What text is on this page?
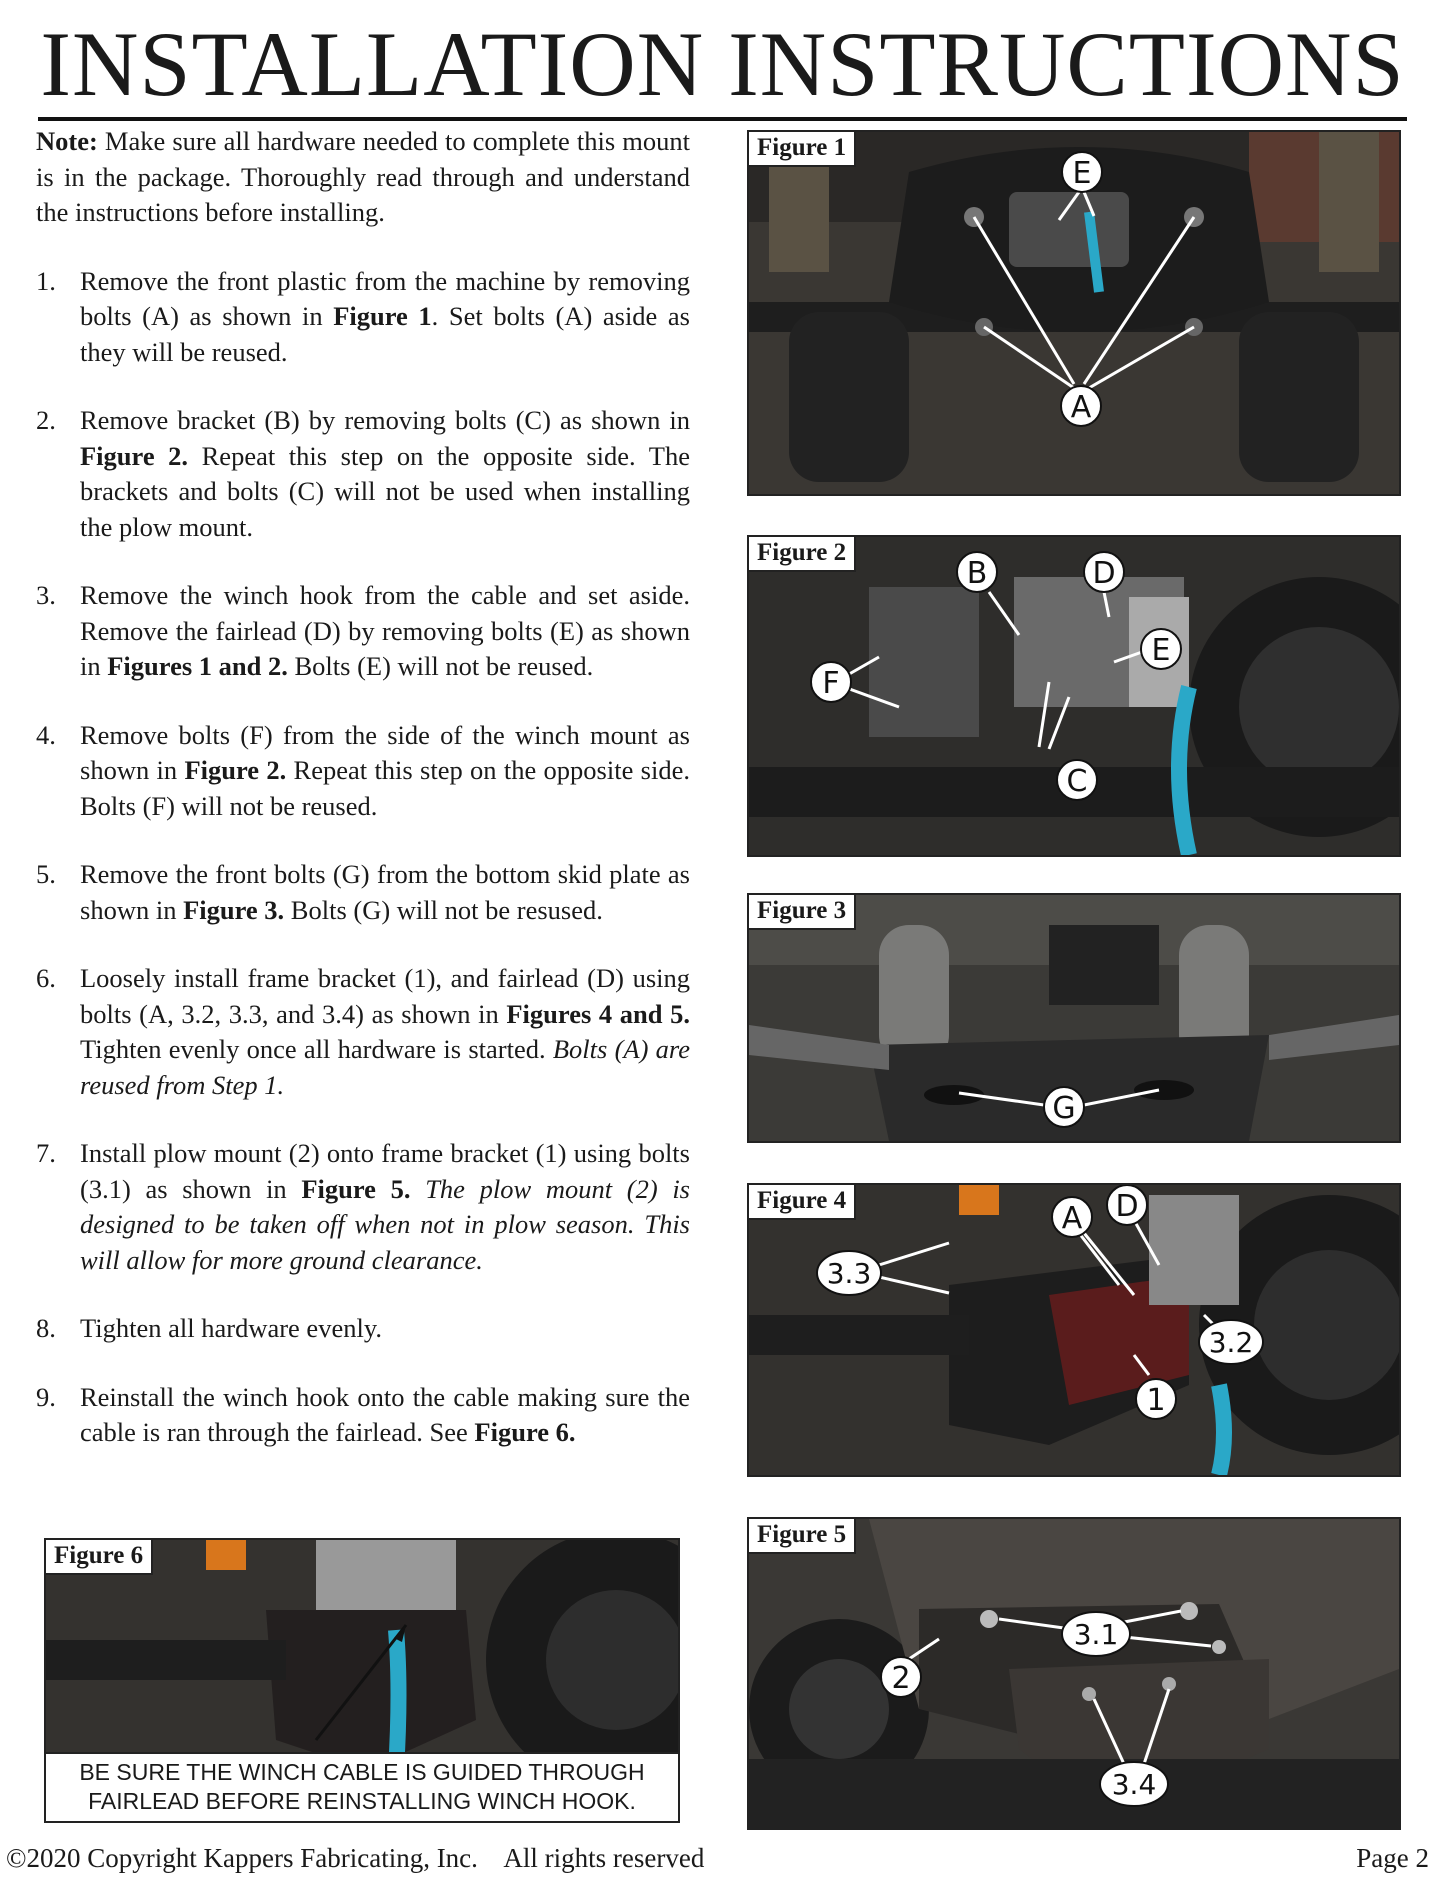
INSTALLATION INSTRUCTIONS

Note: Make sure all hardware needed to complete this mount is in the package. Thoroughly read through and understand the instructions before installing.

1. Remove the front plastic from the machine by removing bolts (A) as shown in Figure 1. Set bolts (A) aside as they will be reused.
2. Remove bracket (B) by removing bolts (C) as shown in Figure 2. Repeat this step on the opposite side. The brackets and bolts (C) will not be used when installing the plow mount.
3. Remove the winch hook from the cable and set aside. Remove the fairlead (D) by removing bolts (E) as shown in Figures 1 and 2. Bolts (E) will not be reused.
4. Remove bolts (F) from the side of the winch mount as shown in Figure 2. Repeat this step on the opposite side. Bolts (F) will not be reused.
5. Remove the front bolts (G) from the bottom skid plate as shown in Figure 3. Bolts (G) will not be resused.
6. Loosely install frame bracket (1), and fairlead (D) using bolts (A, 3.2, 3.3, and 3.4) as shown in Figures 4 and 5. Tighten evenly once all hardware is started. Bolts (A) are reused from Step 1.
7. Install plow mount (2) onto frame bracket (1) using bolts (3.1) as shown in Figure 5. The plow mount (2) is designed to be taken off when not in plow season. This will allow for more ground clearance.
8. Tighten all hardware evenly.
9. Reinstall the winch hook onto the cable making sure the cable is ran through the fairlead. See Figure 6.
E
A
Figure 1
B	D
E
F
C
Figure 2
G
Figure 3
3.3
A D
3.2
1
Figure 4
3.1
2
3.4
Figure 5
Figure 6
BE SURE THE WINCH CABLE IS GUIDED THROUGH
FAIRLEAD BEFORE REINSTALLING WINCH HOOK.
©2020 Copyright Kappers Fabricating, Inc.    All rights reserved	Page 2
